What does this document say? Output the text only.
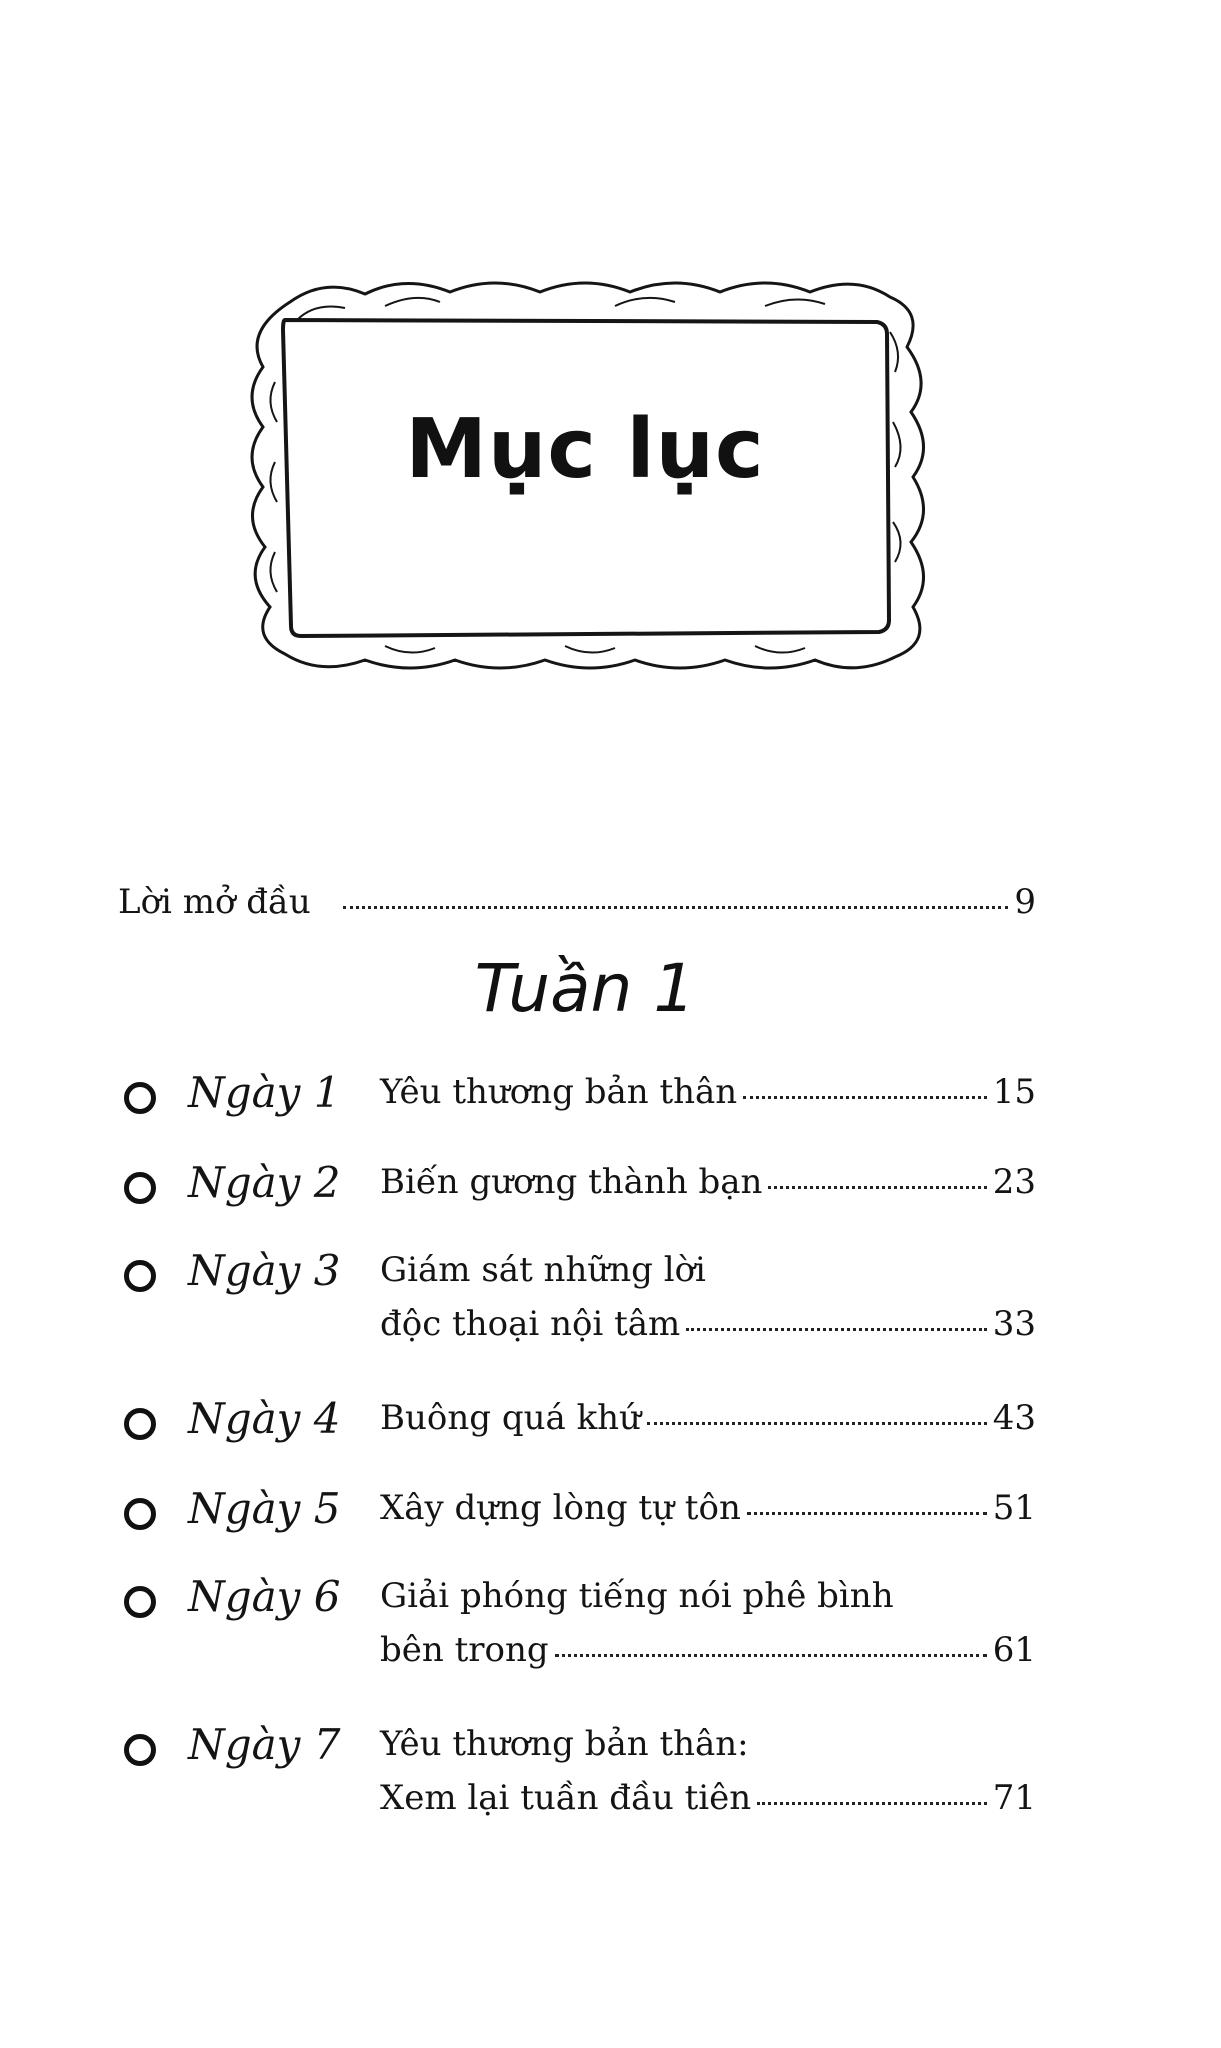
Mục lục
Lời mở đầu	9
Tuần 1
Ngày 1 Yêu thương bản thân	15
Ngày 2 Biến gương thành bạn	23
Ngày 3 Giám sát những lời
độc thoại nội tâm	33
Ngày 4 Buông quá khứ	43
Ngày 5 Xây dựng lòng tự tôn	51
Ngày 6 Giải phóng tiếng nói phê bình
bên trong	61
Ngày 7 Yêu thương bản thân:
Xem lại tuần đầu tiên	71
